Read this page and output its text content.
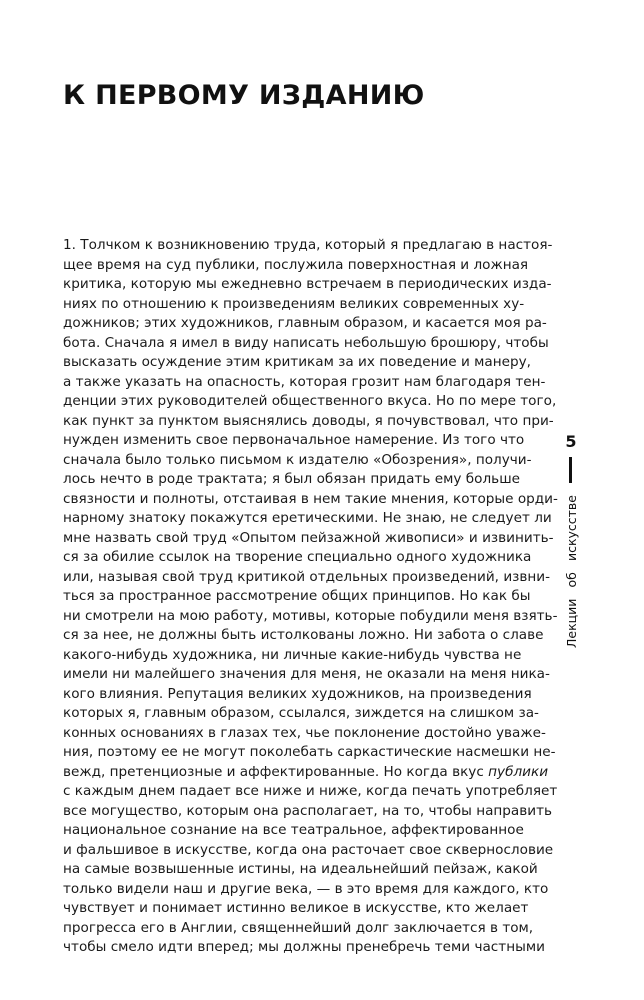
К ПЕРВОМУ ИЗДАНИЮ
1. Толчком к возникновению труда, который я предлагаю в настоя-
щее время на суд публики, послужила поверхностная и ложная
критика, которую мы ежедневно встречаем в периодических изда-
ниях по отношению к произведениям великих современных ху-
дожников; этих художников, главным образом, и касается моя ра-
бота. Сначала я имел в виду написать небольшую брошюру, чтобы
высказать осуждение этим критикам за их поведение и манеру,
а также указать на опасность, которая грозит нам благодаря тен-
денции этих руководителей общественного вкуса. Но по мере того,
как пункт за пунктом выяснялись доводы, я почувствовал, что при-
нужден изменить свое первоначальное намерение. Из того что
сначала было только письмом к издателю «Обозрения», получи-
лось нечто в роде трактата; я был обязан придать ему больше
связности и полноты, отстаивая в нем такие мнения, которые орди-
нарному знатоку покажутся еретическими. Не знаю, не следует ли
мне назвать свой труд «Опытом пейзажной живописи» и извинить-
ся за обилие ссылок на творение специально одного художника
или, называя свой труд критикой отдельных произведений, извни-
ться за пространное рассмотрение общих принципов. Но как бы
ни смотрели на мою работу, мотивы, которые побудили меня взять-
ся за нее, не должны быть истолкованы ложно. Ни забота о славе
какого-нибудь художника, ни личные какие-нибудь чувства не
имели ни малейшего значения для меня, не оказали на меня ника-
кого влияния. Репутация великих художников, на произведения
которых я, главным образом, ссылался, зиждется на слишком за-
конных основаниях в глазах тех, чье поклонение достойно уважe-
ния, поэтому ее не могут поколебать саркастические насмешки не-
вежд, претенциозные и аффектированные. Но когда вкус публики
с каждым днем падает все ниже и ниже, когда печать употребляет
все могущество, которым она располагает, на то, чтобы направить
национальное сознание на все театральное, аффектированное
и фальшивое в искусстве, когда она расточает свое сквернословие
на самые возвышенные истины, на идеальнейший пейзаж, какой
только видели наш и другие века, — в это время для каждого, кто
чувствует и понимает истинно великое в искусстве, кто желает
прогресса его в Англии, священнейший долг заключается в том,
чтобы смело идти вперед; мы должны пренебречь теми частными
5
Лекции об искусстве
